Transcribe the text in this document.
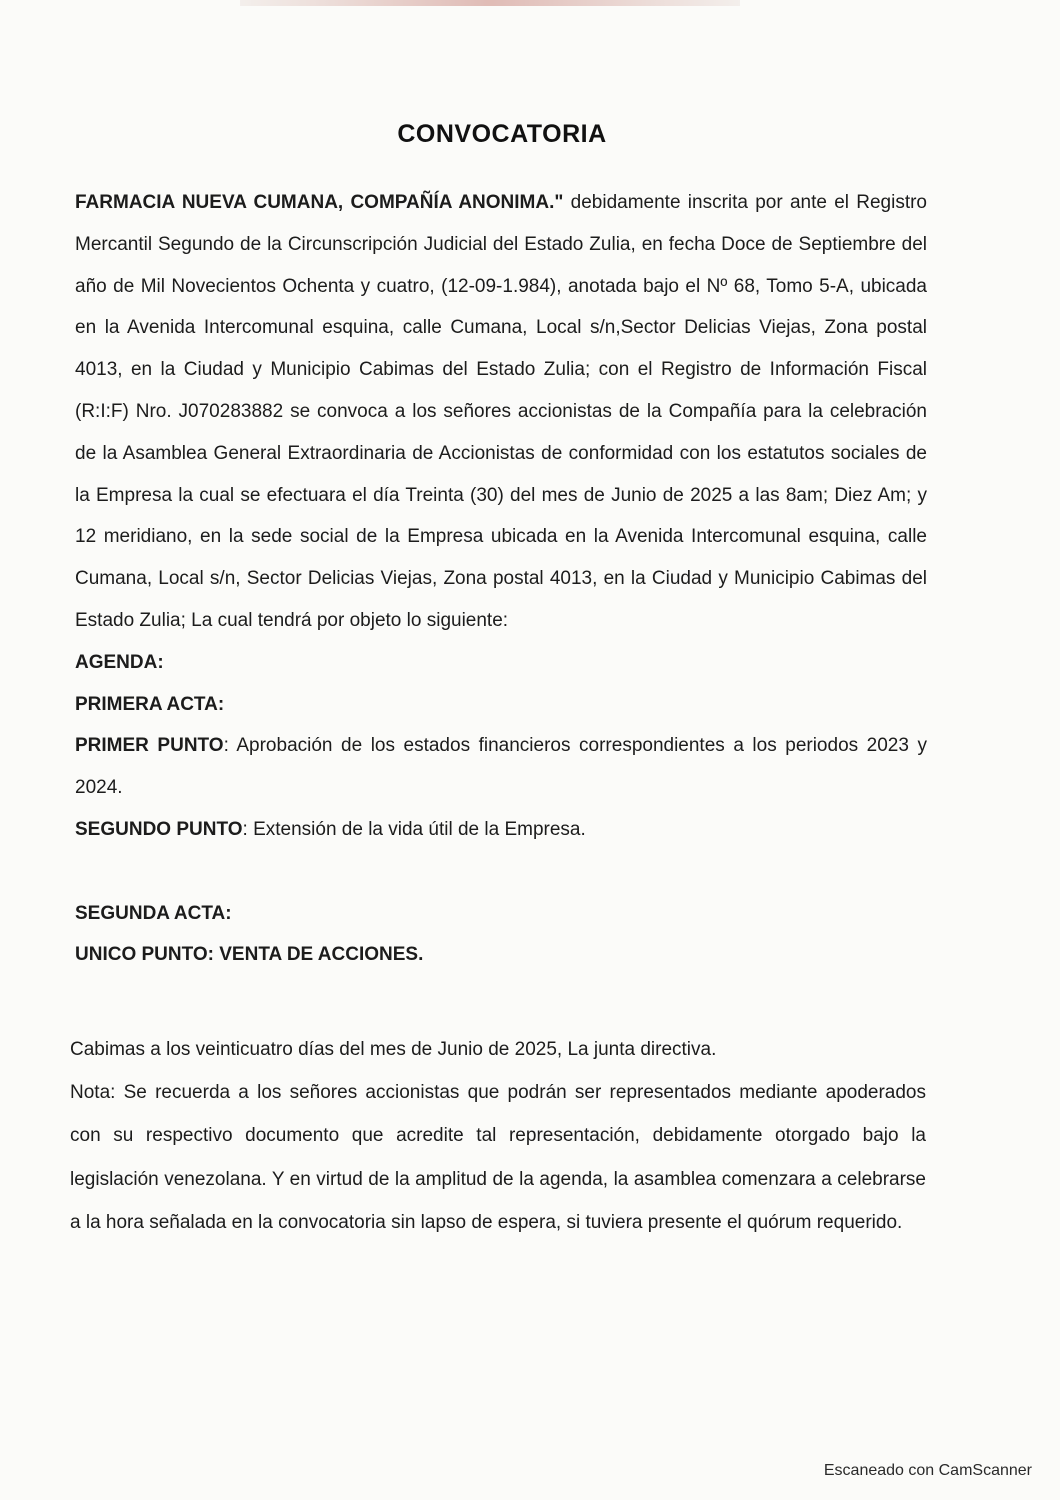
CONVOCATORIA

FARMACIA NUEVA CUMANA, COMPAÑÍA ANONIMA." debidamente inscrita por ante el Registro Mercantil Segundo de la Circunscripción Judicial del Estado Zulia, en fecha Doce de Septiembre del año de Mil Novecientos Ochenta y cuatro, (12-09-1.984), anotada bajo el Nº 68, Tomo 5-A, ubicada en la Avenida Intercomunal esquina, calle Cumana, Local s/n,Sector Delicias Viejas, Zona postal 4013, en la Ciudad y Municipio Cabimas del Estado Zulia; con el Registro de Información Fiscal (R:I:F) Nro. J070283882 se convoca a los señores accionistas de la Compañía para la celebración de la Asamblea General Extraordinaria de Accionistas de conformidad con los estatutos sociales de la Empresa la cual se efectuara el día Treinta (30) del mes de Junio de 2025 a las 8am; Diez Am; y 12 meridiano, en la sede social de la Empresa ubicada en la Avenida Intercomunal esquina, calle Cumana, Local s/n, Sector Delicias Viejas, Zona postal 4013, en la Ciudad y Municipio Cabimas del Estado Zulia; La cual tendrá por objeto lo siguiente:

AGENDA:

PRIMERA ACTA:

PRIMER PUNTO: Aprobación de los estados financieros correspondientes a los periodos 2023 y 2024.

SEGUNDO PUNTO: Extensión de la vida útil de la Empresa.

SEGUNDA ACTA:

UNICO PUNTO: VENTA DE ACCIONES.

Cabimas a los veinticuatro días del mes de Junio de 2025, La junta directiva.

Nota: Se recuerda a los señores accionistas que podrán ser representados mediante apoderados con su respectivo documento que acredite tal representación, debidamente otorgado bajo la legislación venezolana. Y en virtud de la amplitud de la agenda, la asamblea comenzara a celebrarse a la hora señalada en la convocatoria sin lapso de espera, si tuviera presente el quórum requerido.

Escaneado con CamScanner
